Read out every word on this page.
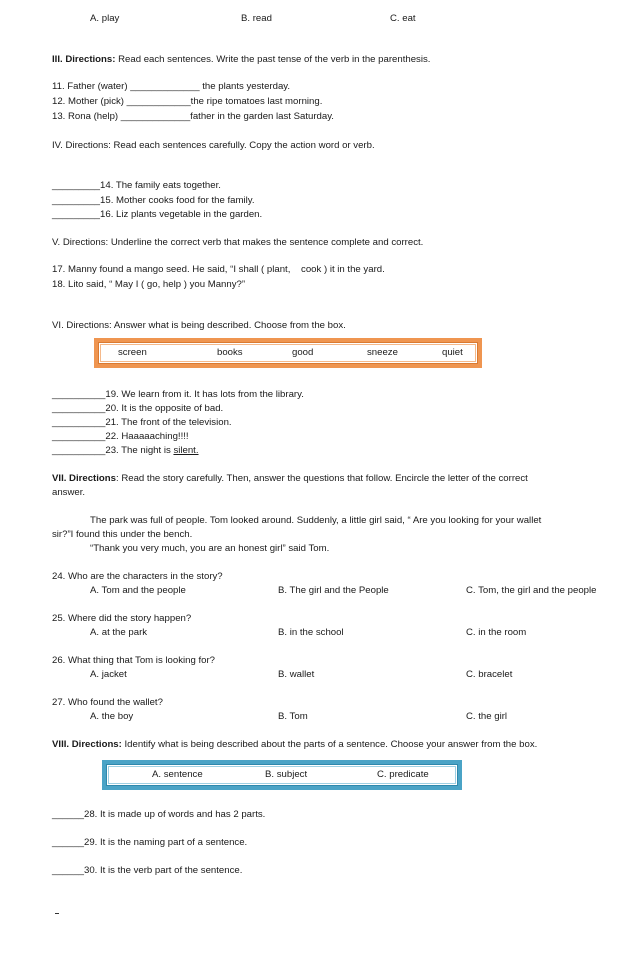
A. play	B. read	C. eat
III. Directions: Read each sentences. Write the past tense of the verb in the parenthesis.
11. Father (water) _____________ the plants yesterday.
12. Mother (pick) ____________the ripe tomatoes last morning.
13. Rona (help) _____________father in the garden last Saturday.
IV. Directions: Read each sentences carefully. Copy the action word or verb.
_________14. The family eats together.
_________15. Mother cooks food for the family.
_________16. Liz plants vegetable in the garden.
V. Directions: Underline the correct verb that makes the sentence complete and correct.
17. Manny found a mango seed. He said, “I shall ( plant,    cook ) it in the yard.
18. Lito said, “ May I ( go, help ) you Manny?”
VI. Directions: Answer what is being described. Choose from the box.
screen	books	good	sneeze	quiet
__________19. We learn from it. It has lots from the library.
__________20. It is the opposite of bad.
__________21. The front of the television.
__________22. Haaaaaching!!!!
__________23. The night is silent.
VII. Directions: Read the story carefully. Then, answer the questions that follow. Encircle the letter of the correct
answer.
The park was full of people. Tom looked around. Suddenly, a little girl said, “ Are you looking for your wallet
sir?”I found this under the bench.
“Thank you very much, you are an honest girl” said Tom.
24. Who are the characters in the story?
A. Tom and the people	B. The girl and the People	C. Tom, the girl and the people
25. Where did the story happen?
A. at the park	B. in the school	C. in the room
26. What thing that Tom is looking for?
A. jacket	B. wallet	C. bracelet
27. Who found the wallet?
A. the boy	B. Tom	C. the girl
VIII. Directions: Identify what is being described about the parts of a sentence. Choose your answer from the box.
A. sentence	B. subject	C. predicate
______28. It is made up of words and has 2 parts.
______29. It is the naming part of a sentence.
______30. It is the verb part of the sentence.
